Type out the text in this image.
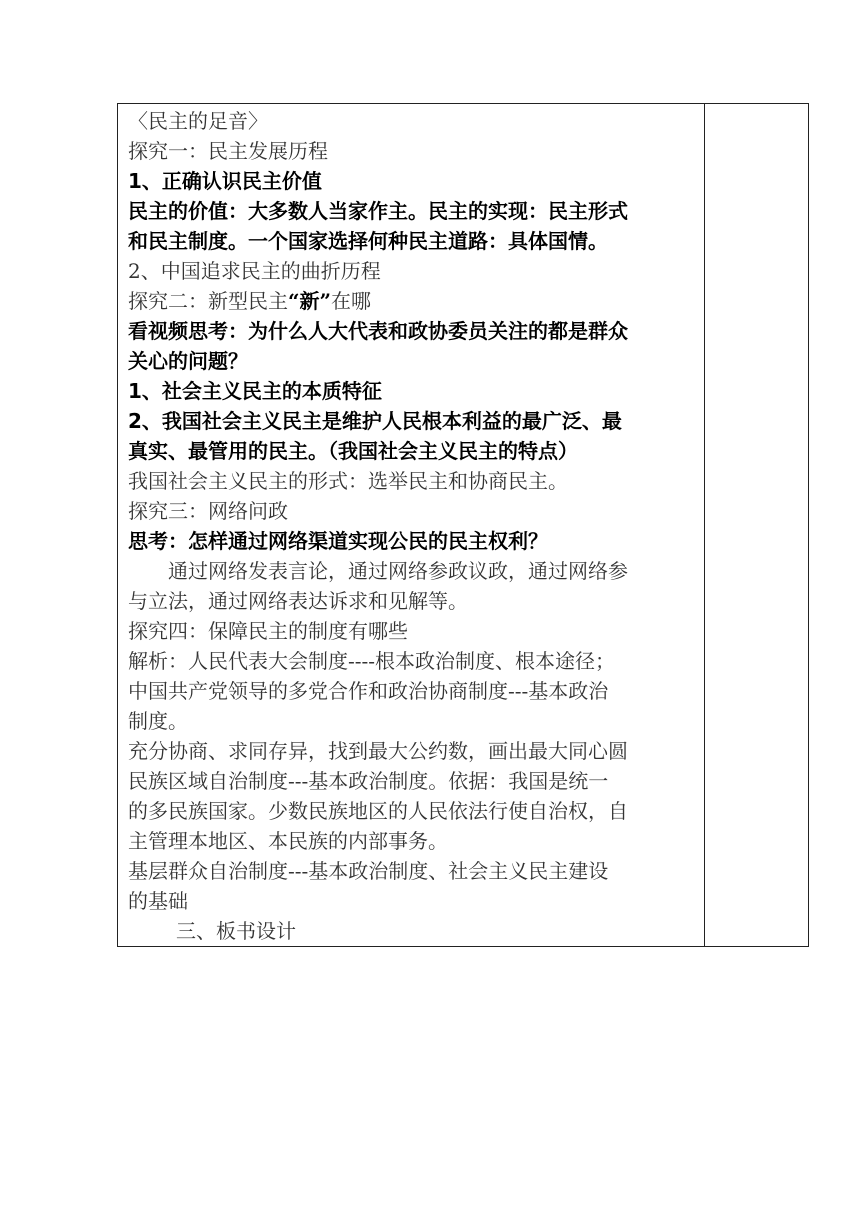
〈民主的足音〉

探究一：民主发展历程

1、正确认识民主价值

民主的价值：大多数人当家作主。民主的实现：民主形式

和民主制度。一个国家选择何种民主道路：具体国情。

2、中国追求民主的曲折历程

探究二：新型民主“新”在哪

看视频思考：为什么人大代表和政协委员关注的都是群众

关心的问题？

1、社会主义民主的本质特征

2、我国社会主义民主是维护人民根本利益的最广泛、最

真实、最管用的民主。（我国社会主义民主的特点）

我国社会主义民主的形式：选举民主和协商民主。

探究三：网络问政

思考：怎样通过网络渠道实现公民的民主权利？

通过网络发表言论，通过网络参政议政，通过网络参

与立法，通过网络表达诉求和见解等。

探究四：保障民主的制度有哪些

解析：人民代表大会制度----根本政治制度、根本途径；

中国共产党领导的多党合作和政治协商制度---基本政治

制度。

充分协商、求同存异，找到最大公约数，画出最大同心圆

民族区域自治制度---基本政治制度。依据：我国是统一

的多民族国家。少数民族地区的人民依法行使自治权，自

主管理本地区、本民族的内部事务。

基层群众自治制度---基本政治制度、社会主义民主建设

的基础

三、板书设计
